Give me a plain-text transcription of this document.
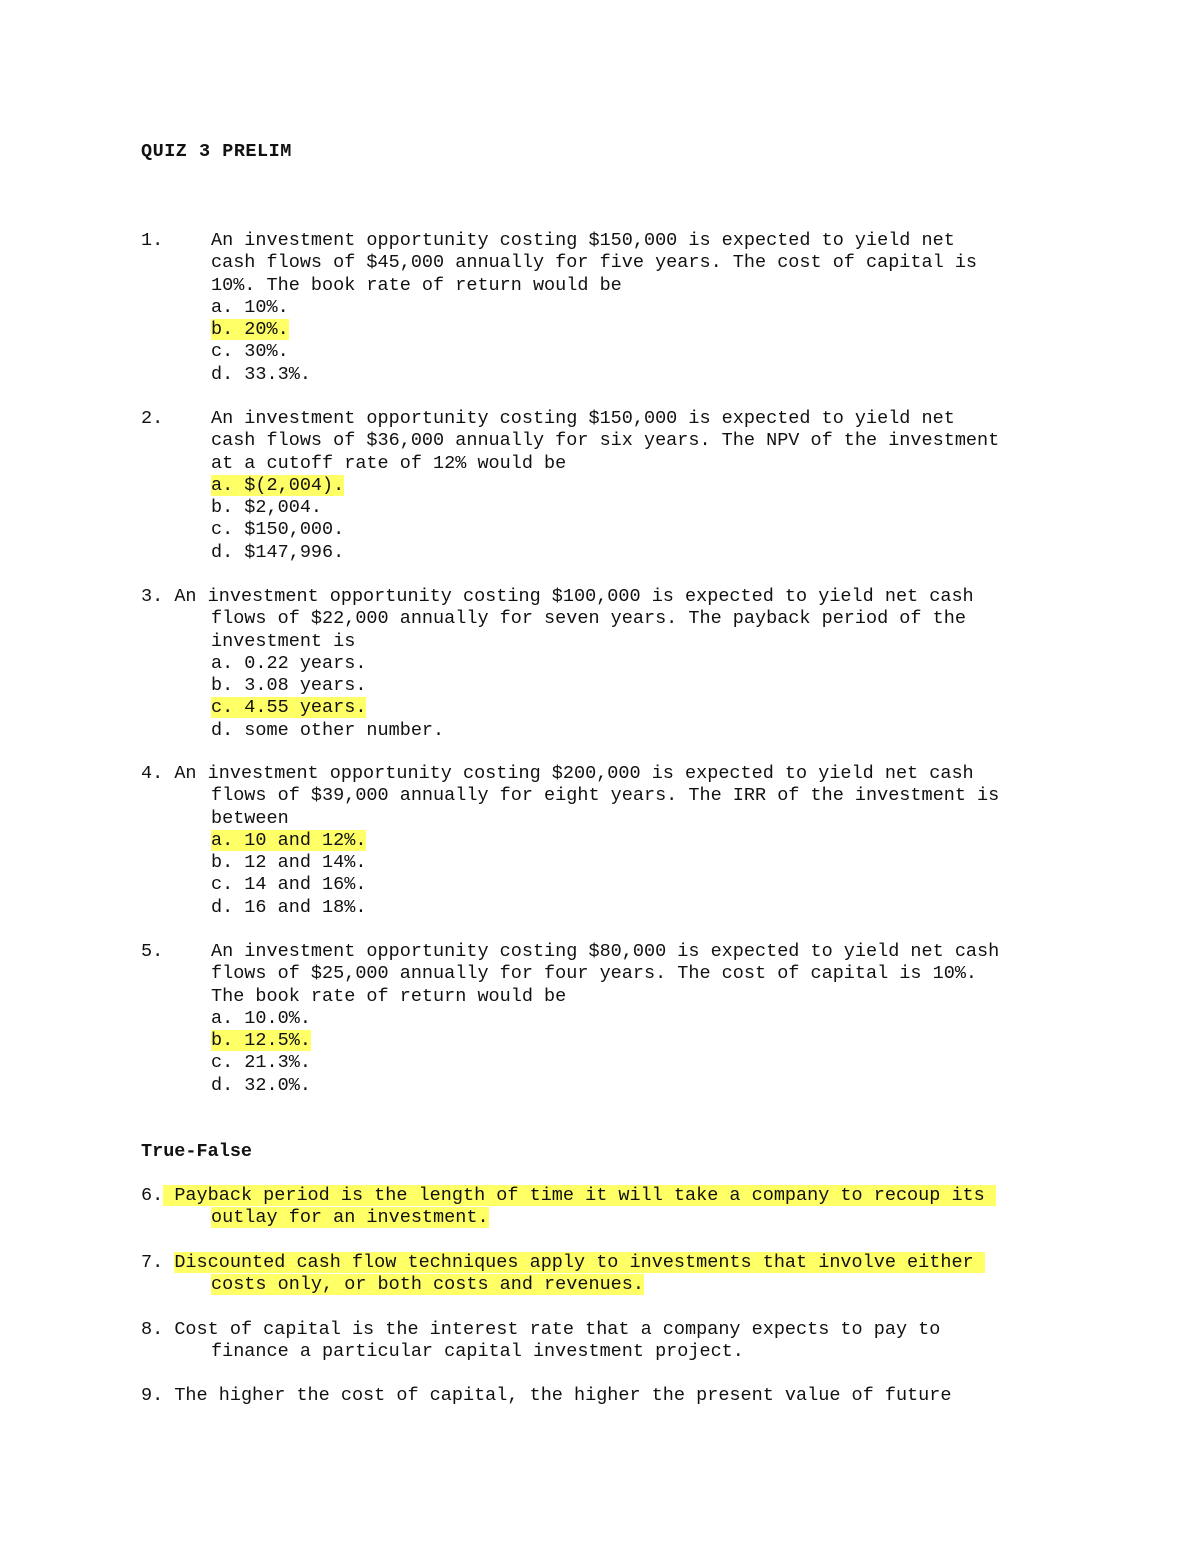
QUIZ 3 PRELIM
1.	An investment opportunity costing $150,000 is expected to yield net
cash flows of $45,000 annually for five years. The cost of capital is
10%. The book rate of return would be
a. 10%.
b. 20%.
c. 30%.
d. 33.3%.
2.	An investment opportunity costing $150,000 is expected to yield net
cash flows of $36,000 annually for six years. The NPV of the investment
at a cutoff rate of 12% would be
a. $(2,004).
b. $2,004.
c. $150,000.
d. $147,996.
3. An investment opportunity costing $100,000 is expected to yield net cash
flows of $22,000 annually for seven years. The payback period of the
investment is
a. 0.22 years.
b. 3.08 years.
c. 4.55 years.
d. some other number.
4. An investment opportunity costing $200,000 is expected to yield net cash
flows of $39,000 annually for eight years. The IRR of the investment is
between
a. 10 and 12%.
b. 12 and 14%.
c. 14 and 16%.
d. 16 and 18%.
5.	An investment opportunity costing $80,000 is expected to yield net cash
flows of $25,000 annually for four years. The cost of capital is 10%.
The book rate of return would be
a. 10.0%.
b. 12.5%.
c. 21.3%.
d. 32.0%.
True-False
6. Payback period is the length of time it will take a company to recoup its
outlay for an investment.
7. Discounted cash flow techniques apply to investments that involve either
costs only, or both costs and revenues.
8. Cost of capital is the interest rate that a company expects to pay to
finance a particular capital investment project.
9. The higher the cost of capital, the higher the present value of future
